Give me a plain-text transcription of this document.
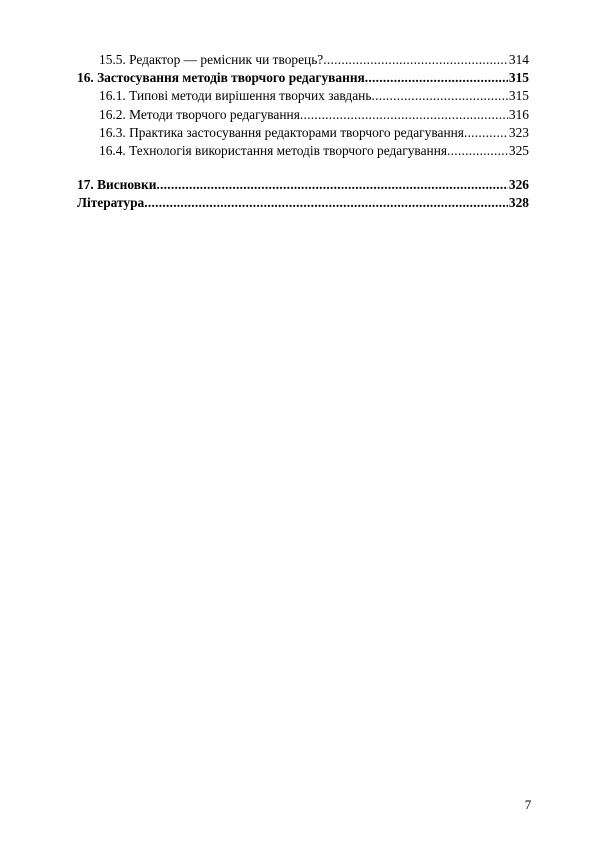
15.5. Редактор — ремісник чи творець? .....	314
16. Застосування методів творчого редагування .....	315
16.1. Типові методи вирішення творчих завдань .....	315
16.2. Методи творчого редагування .....	316
16.3. Практика застосування редакторами творчого редагування .....	323
16.4. Технологія використання методів творчого редагування .....	325
17. Висновки .....	326
Література .....	328
7
